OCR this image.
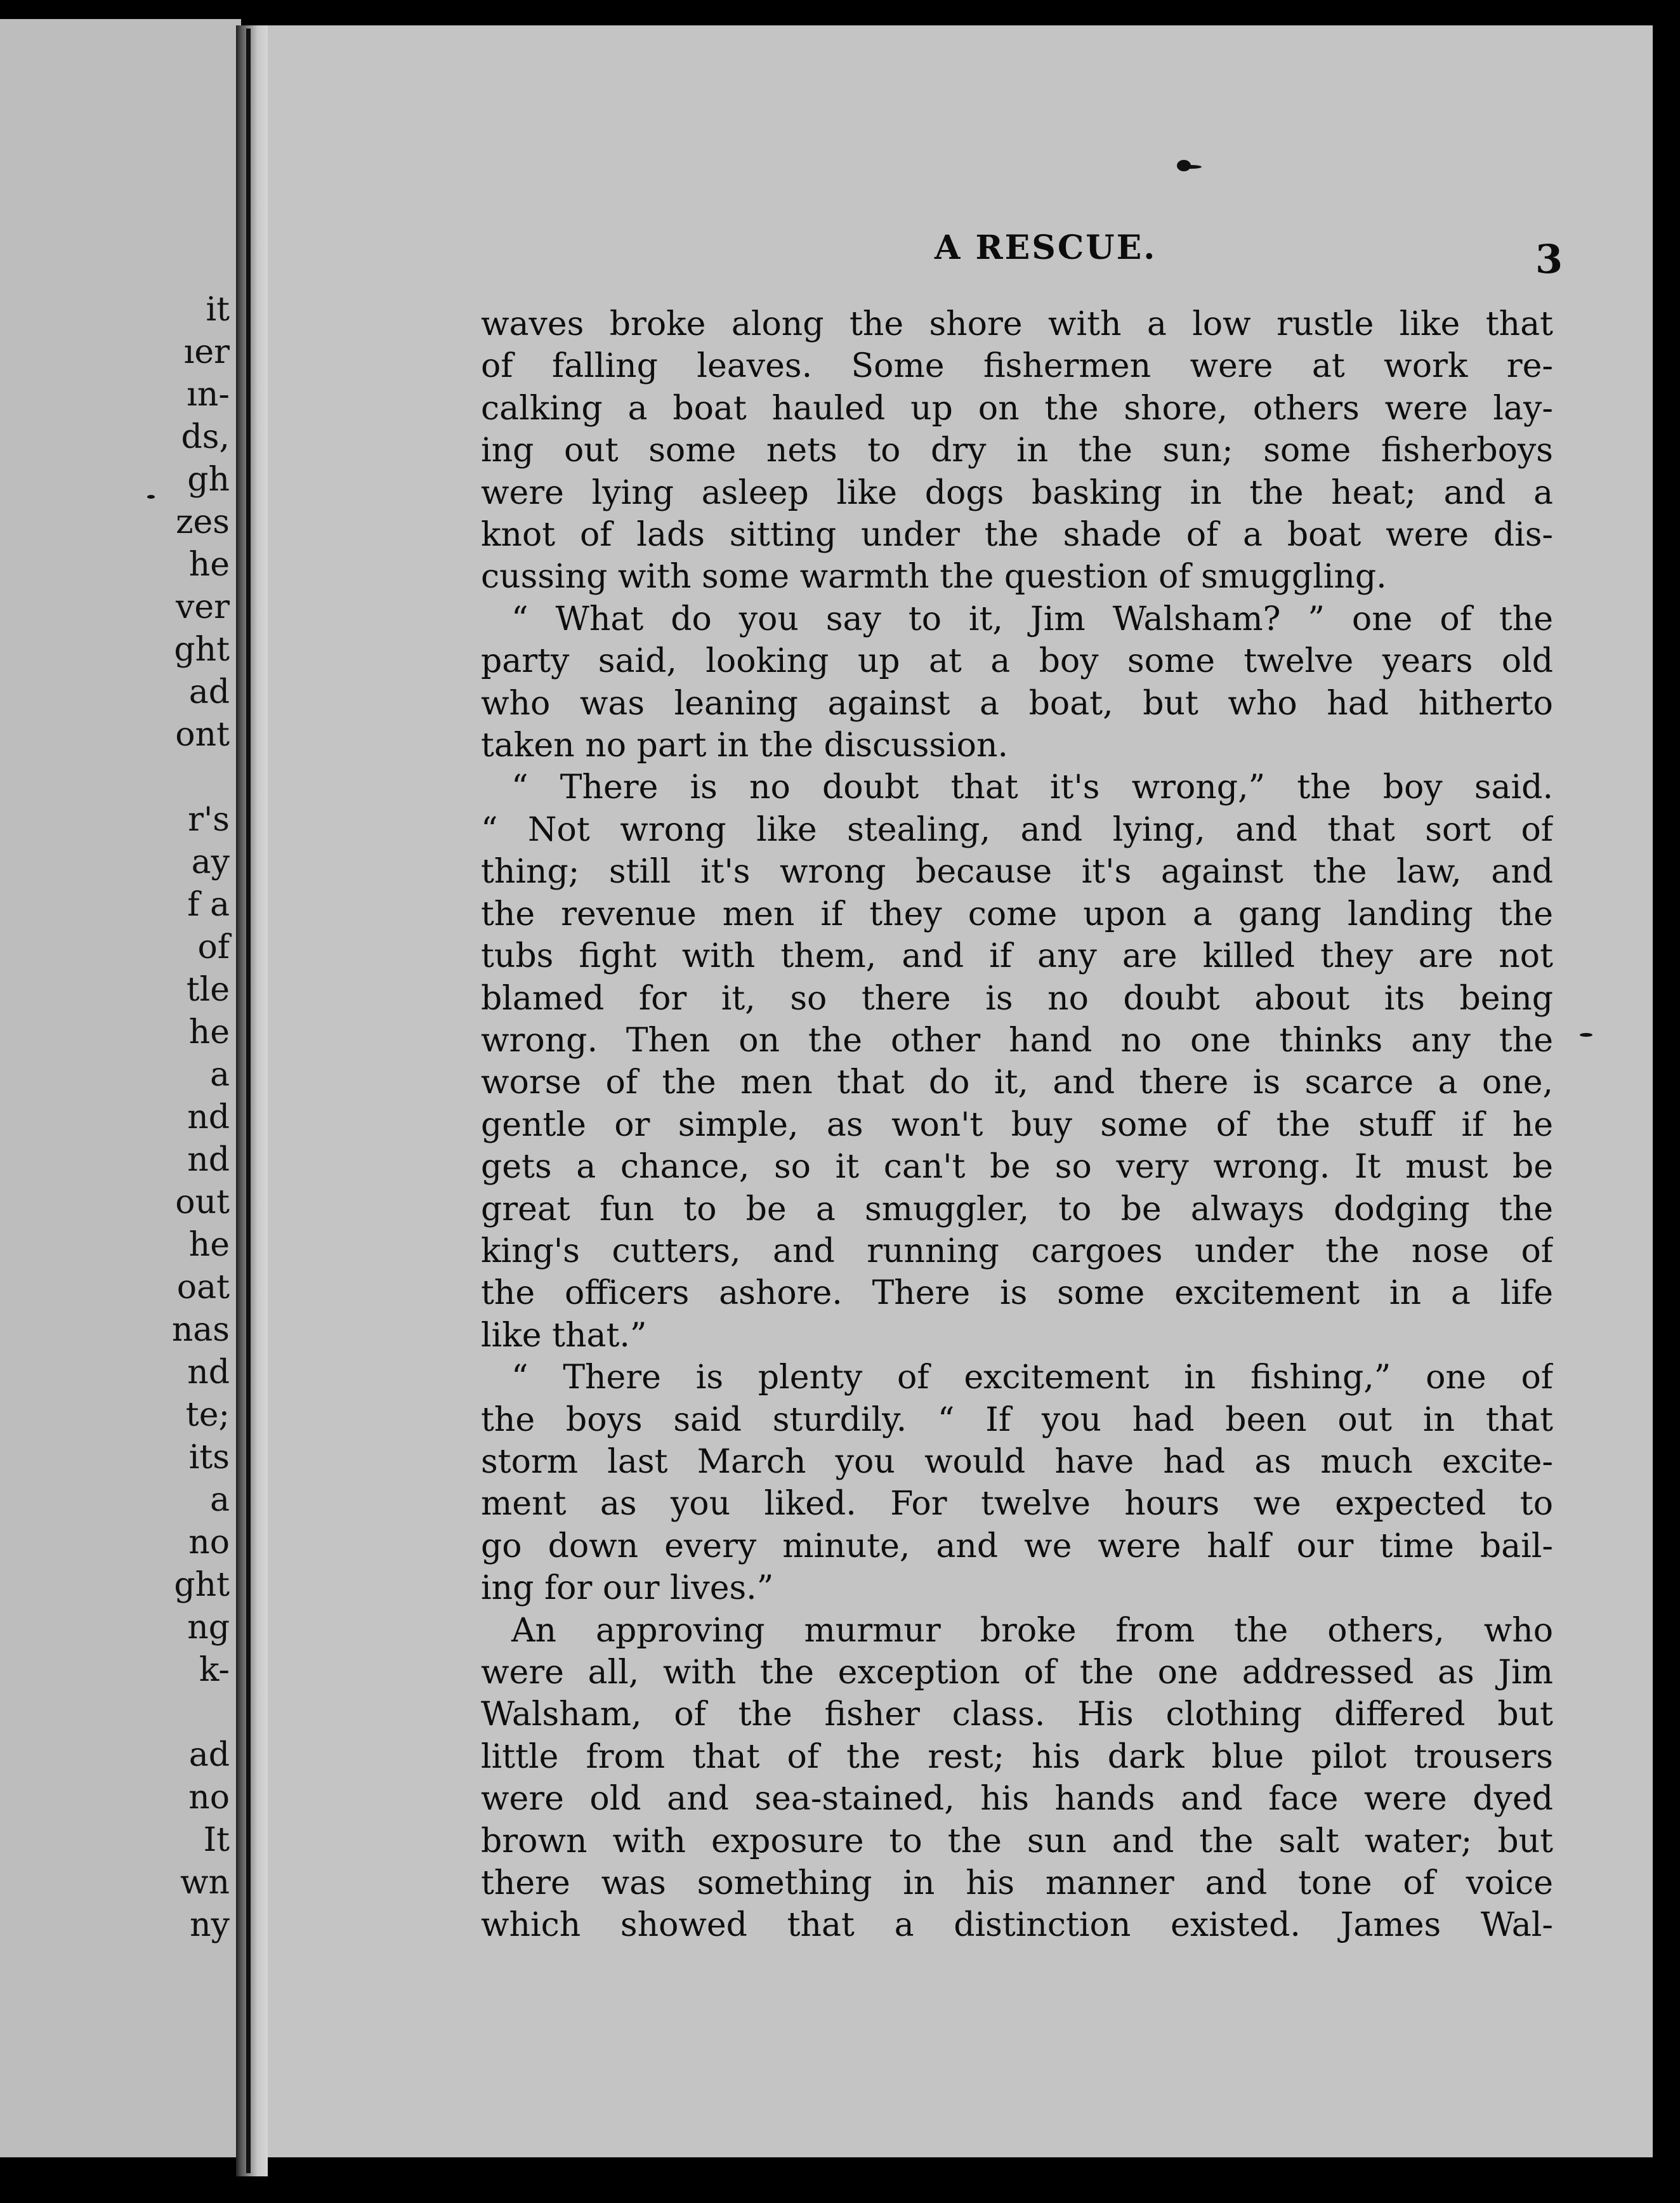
it
ıer
ın-
ds,
gh
zes
he
ver
ght
ad
ont
r's
ay
f a
of
tle
he
a
nd
nd
out
he
oat
nas
nd
te;
its
a
no
ght
ng
k-
ad
no
It
wn
ny
A RESCUE.	3
waves broke along the shore with a low rustle like that
of falling leaves. Some fishermen were at work re-
calking a boat hauled up on the shore, others were lay-
ing out some nets to dry in the sun; some fisherboys
were lying asleep like dogs basking in the heat; and a
knot of lads sitting under the shade of a boat were dis-
cussing with some warmth the question of smuggling.
“ What do you say to it, Jim Walsham? ” one of the
party said, looking up at a boy some twelve years old
who was leaning against a boat, but who had hitherto
taken no part in the discussion.
“ There is no doubt that it's wrong,” the boy said.
“ Not wrong like stealing, and lying, and that sort of
thing; still it's wrong because it's against the law, and
the revenue men if they come upon a gang landing the
tubs fight with them, and if any are killed they are not
blamed for it, so there is no doubt about its being
wrong. Then on the other hand no one thinks any the
worse of the men that do it, and there is scarce a one,
gentle or simple, as won't buy some of the stuff if he
gets a chance, so it can't be so very wrong. It must be
great fun to be a smuggler, to be always dodging the
king's cutters, and running cargoes under the nose of
the officers ashore. There is some excitement in a life
like that.”
“ There is plenty of excitement in fishing,” one of
the boys said sturdily. “ If you had been out in that
storm last March you would have had as much excite-
ment as you liked. For twelve hours we expected to
go down every minute, and we were half our time bail-
ing for our lives.”
An approving murmur broke from the others, who
were all, with the exception of the one addressed as Jim
Walsham, of the fisher class. His clothing differed but
little from that of the rest; his dark blue pilot trousers
were old and sea-stained, his hands and face were dyed
brown with exposure to the sun and the salt water; but
there was something in his manner and tone of voice
which showed that a distinction existed. James Wal-
